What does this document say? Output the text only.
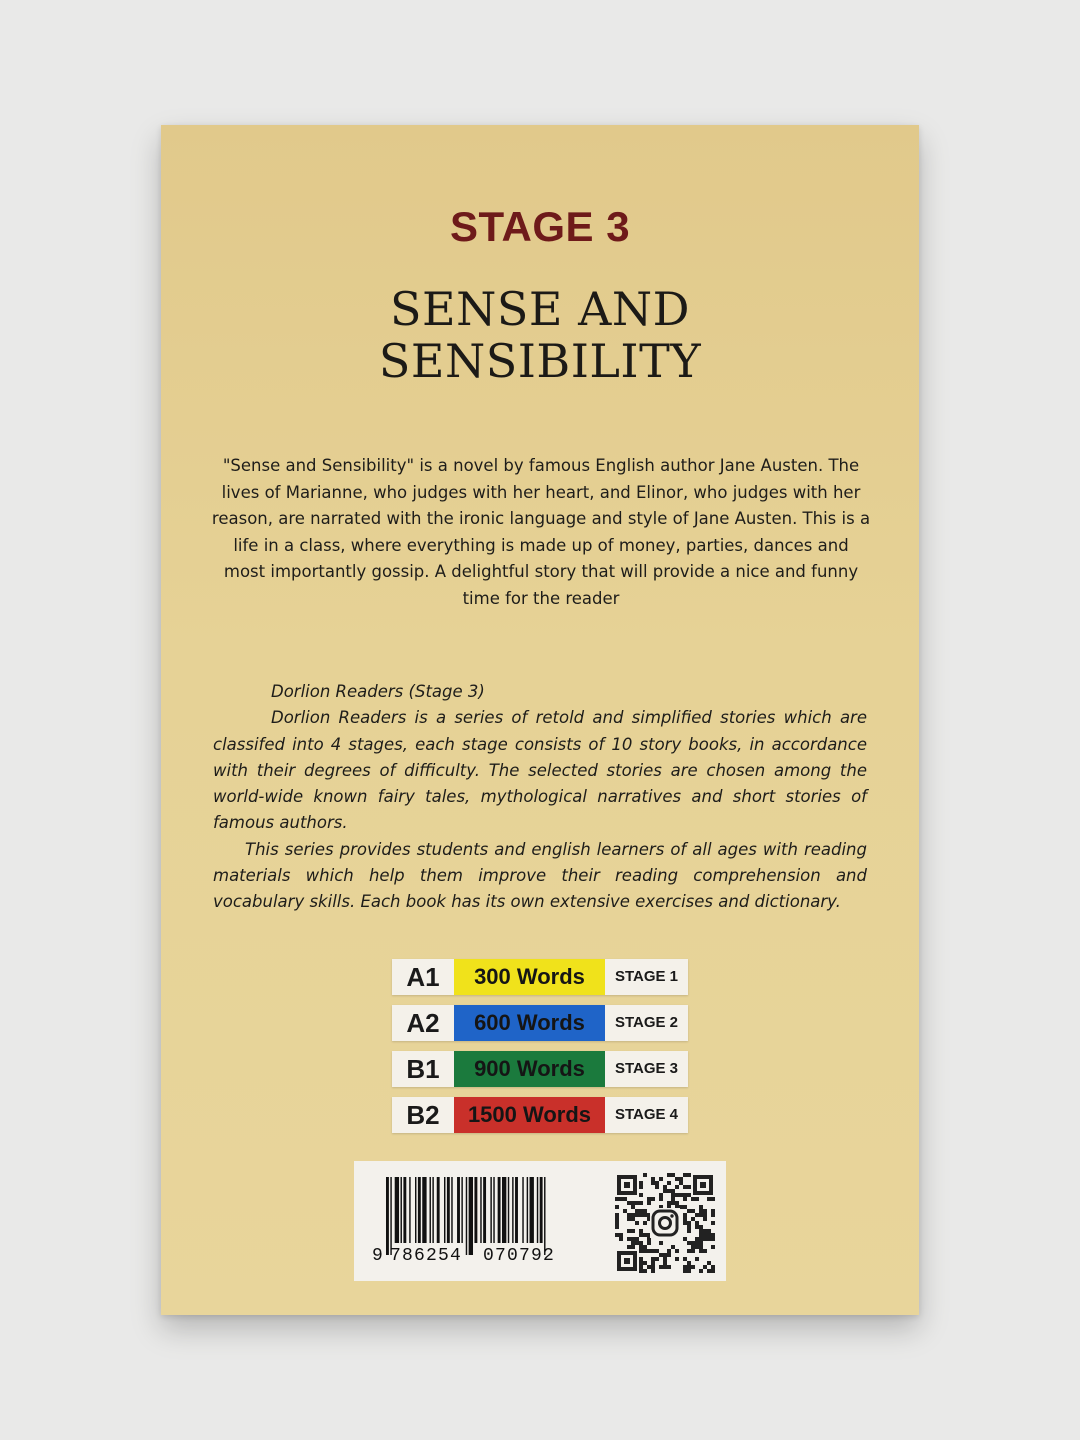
STAGE 3
SENSE AND
SENSIBILITY
"Sense and Sensibility" is a novel by famous English author Jane Austen. The lives of Marianne, who judges with her heart, and Elinor, who judges with her reason, are narrated with the ironic language and style of Jane Austen. This is a life in a class, where everything is made up of money, parties, dances and most importantly gossip. A delightful story that will provide a nice and funny time for the reader

Dorlion Readers (Stage 3)

Dorlion Readers is a series of retold and simplified stories which are classifed into 4 stages, each stage consists of 10 story books, in accordance with their degrees of difficulty. The selected stories are chosen among the world-wide known fairy tales, mythological narratives and short stories of famous authors.

This series provides students and english learners of all ages with reading materials which help them improve their reading comprehension and vocabulary skills. Each book has its own extensive exercises and dictionary.

A1	300 Words	STAGE 1
A2	600 Words	STAGE 2
B1	900 Words	STAGE 3
B2	1500 Words	STAGE 4
9 786254 070792
